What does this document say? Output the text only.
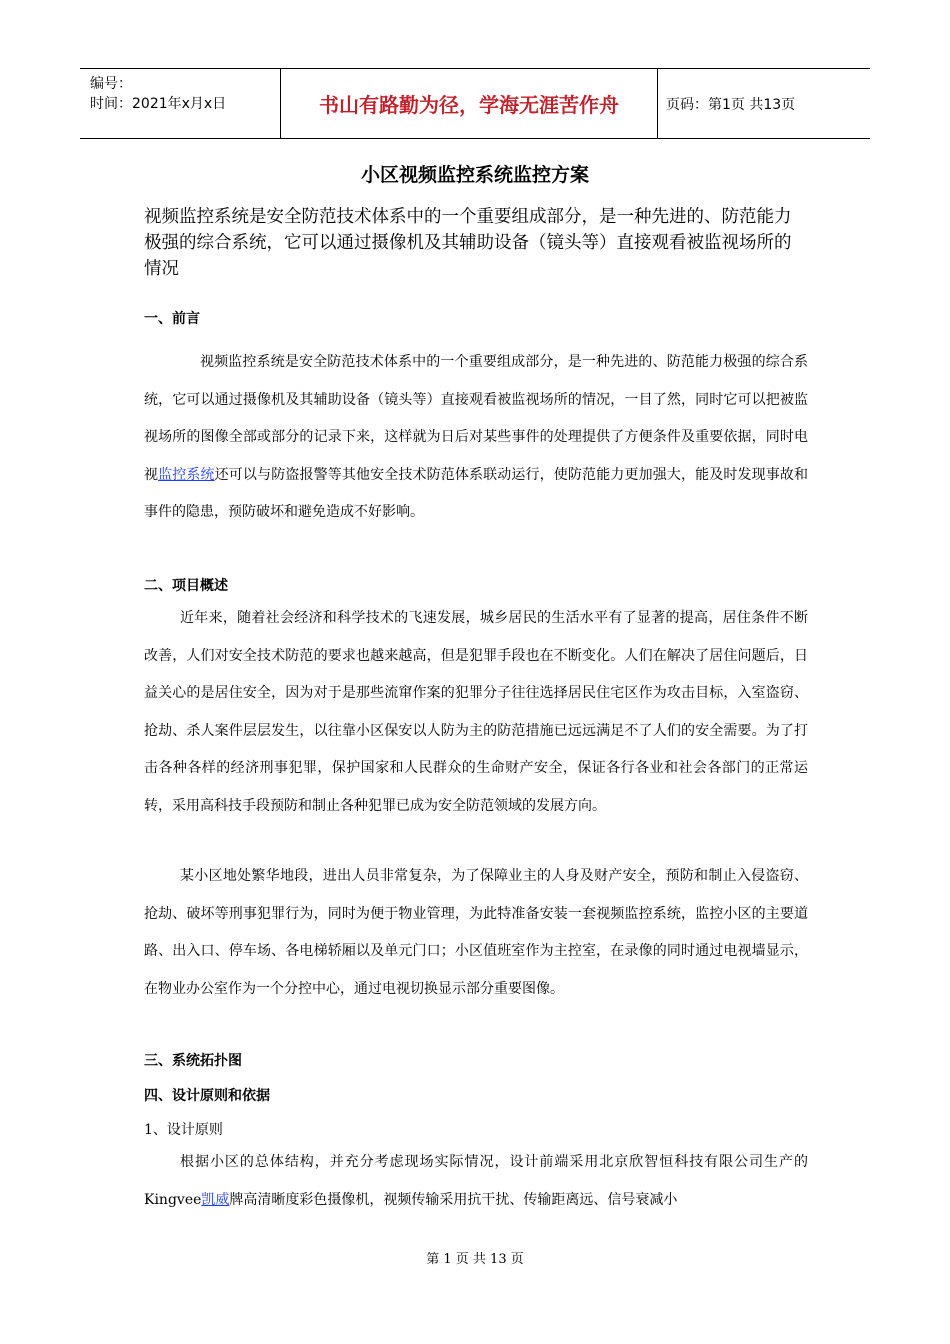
编号：
时间：2021年x月x日	书山有路勤为径，学海无涯苦作舟	页码：第1页 共13页
小区视频监控系统监控方案
视频监控系统是安全防范技术体系中的一个重要组成部分，是一种先进的、防范能力极强的综合系统，它可以通过摄像机及其辅助设备（镜头等）直接观看被监视场所的情况
一、前言
视频监控系统是安全防范技术体系中的一个重要组成部分，是一种先进的、防范能力极强的综合系统，它可以通过摄像机及其辅助设备（镜头等）直接观看被监视场所的情况，一目了然，同时它可以把被监视场所的图像全部或部分的记录下来，这样就为日后对某些事件的处理提供了方便条件及重要依据，同时电视监控系统还可以与防盗报警等其他安全技术防范体系联动运行，使防范能力更加强大，能及时发现事故和事件的隐患，预防破坏和避免造成不好影响。
二、项目概述
近年来，随着社会经济和科学技术的飞速发展，城乡居民的生活水平有了显著的提高，居住条件不断改善，人们对安全技术防范的要求也越来越高，但是犯罪手段也在不断变化。人们在解决了居住问题后，日益关心的是居住安全，因为对于是那些流窜作案的犯罪分子往往选择居民住宅区作为攻击目标，入室盗窃、抢劫、杀人案件层层发生，以往靠小区保安以人防为主的防范措施已远远满足不了人们的安全需要。为了打击各种各样的经济刑事犯罪，保护国家和人民群众的生命财产安全，保证各行各业和社会各部门的正常运转，采用高科技手段预防和制止各种犯罪已成为安全防范领域的发展方向。
某小区地处繁华地段，进出人员非常复杂，为了保障业主的人身及财产安全，预防和制止入侵盗窃、抢劫、破坏等刑事犯罪行为，同时为便于物业管理，为此特准备安装一套视频监控系统，监控小区的主要道路、出入口、停车场、各电梯轿厢以及单元门口；小区值班室作为主控室，在录像的同时通过电视墙显示，在物业办公室作为一个分控中心，通过电视切换显示部分重要图像。
三、系统拓扑图
四、设计原则和依据
1、设计原则
根据小区的总体结构，并充分考虑现场实际情况，设计前端采用北京欣智恒科技有限公司生产的Kingvee凯威牌高清晰度彩色摄像机，视频传输采用抗干扰、传输距离远、信号衰减小
第 1 页 共 13 页
